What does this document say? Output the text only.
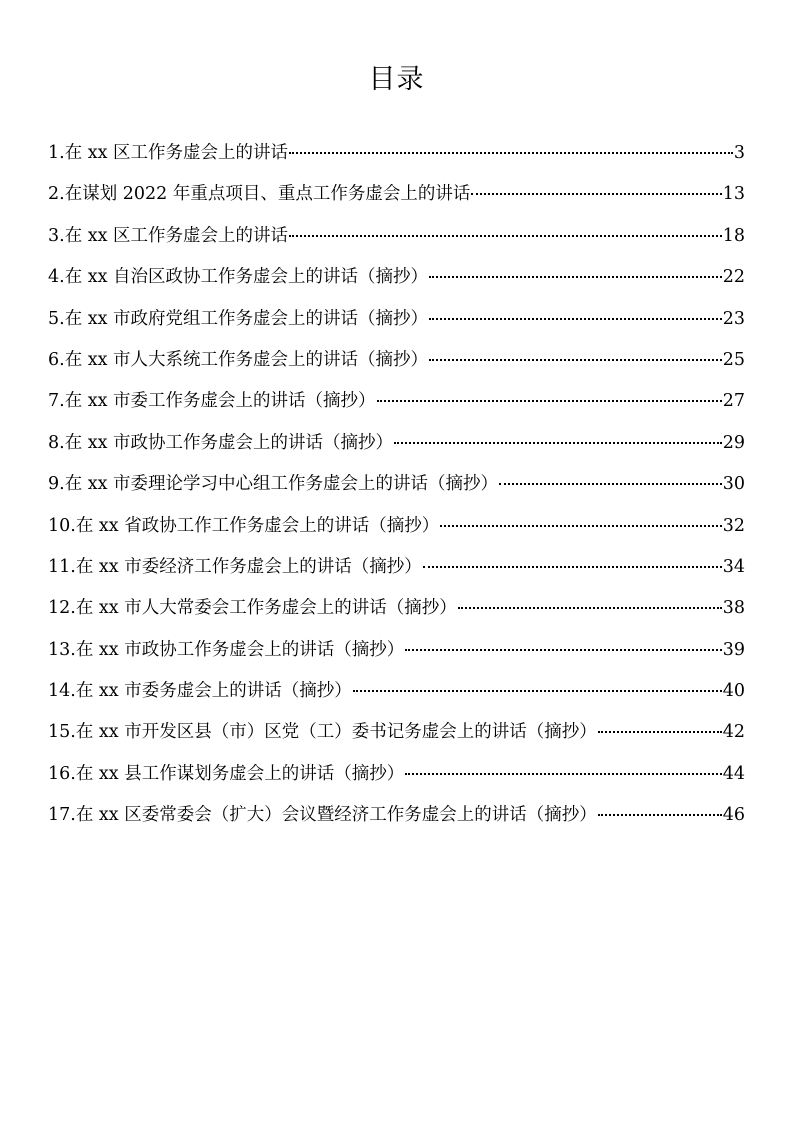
目录
1.在 xx 区工作务虚会上的讲话	3
2.在谋划 2022 年重点项目、重点工作务虚会上的讲话	13
3.在 xx 区工作务虚会上的讲话	18
4.在 xx 自治区政协工作务虚会上的讲话（摘抄）	22
5.在 xx 市政府党组工作务虚会上的讲话（摘抄）	23
6.在 xx 市人大系统工作务虚会上的讲话（摘抄）	25
7.在 xx 市委工作务虚会上的讲话（摘抄）	27
8.在 xx 市政协工作务虚会上的讲话（摘抄）	29
9.在 xx 市委理论学习中心组工作务虚会上的讲话（摘抄）	30
10.在 xx 省政协工作工作务虚会上的讲话（摘抄）	32
11.在 xx 市委经济工作务虚会上的讲话（摘抄）	34
12.在 xx 市人大常委会工作务虚会上的讲话（摘抄）	38
13.在 xx 市政协工作务虚会上的讲话（摘抄）	39
14.在 xx 市委务虚会上的讲话（摘抄）	40
15.在 xx 市开发区县（市）区党（工）委书记务虚会上的讲话（摘抄）	42
16.在 xx 县工作谋划务虚会上的讲话（摘抄）	44
17.在 xx 区委常委会（扩大）会议暨经济工作务虚会上的讲话（摘抄）	46
